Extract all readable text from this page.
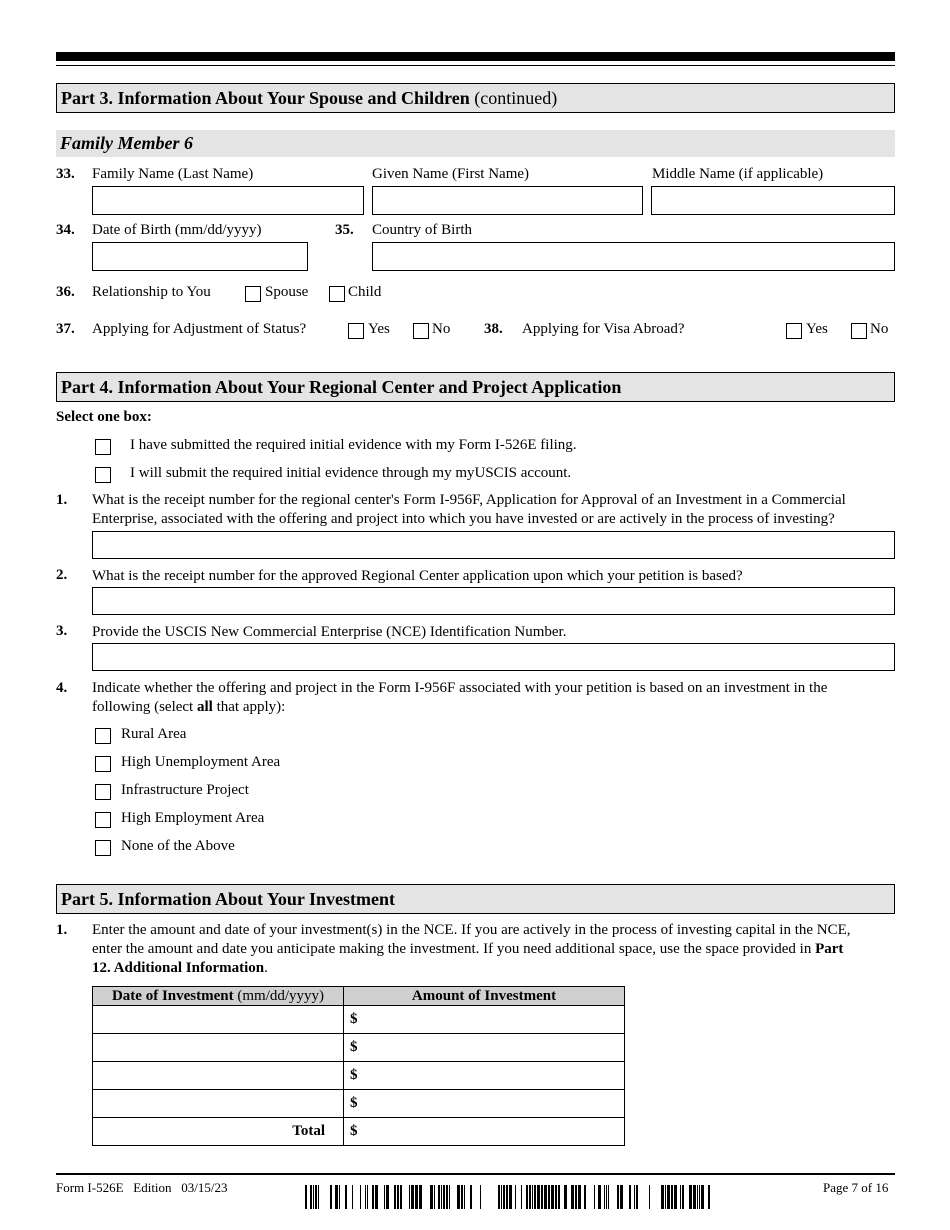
Part 3. Information About Your Spouse and Children (continued)
Family Member 6
33. Family Name (Last Name)	Given Name (First Name)	Middle Name (if applicable)
34. Date of Birth (mm/dd/yyyy)	35. Country of Birth
36. Relationship to You	Spouse	Child
37. Applying for Adjustment of Status?	Yes	No 38. Applying for Visa Abroad?	Yes	No
Part 4. Information About Your Regional Center and Project Application
Select one box:
I have submitted the required initial evidence with my Form I-526E filing.
I will submit the required initial evidence through my myUSCIS account.
1. What is the receipt number for the regional center's Form I-956F, Application for Approval of an Investment in a Commercial
Enterprise, associated with the offering and project into which you have invested or are actively in the process of investing?
2. What is the receipt number for the approved Regional Center application upon which your petition is based?
3. Provide the USCIS New Commercial Enterprise (NCE) Identification Number.
4. Indicate whether the offering and project in the Form I-956F associated with your petition is based on an investment in the
following (select all that apply):
Rural Area
High Unemployment Area
Infrastructure Project
High Employment Area
None of the Above
Part 5. Information About Your Investment
1. Enter the amount and date of your investment(s) in the NCE. If you are actively in the process of investing capital in the NCE,
enter the amount and date you anticipate making the investment. If you need additional space, use the space provided in Part
12. Additional Information.
Date of Investment (mm/dd/yyyy)	Amount of Investment
	$
	$
	$
	$
Total	$
Form I-526E   Edition   03/15/23	Page 7 of 16
